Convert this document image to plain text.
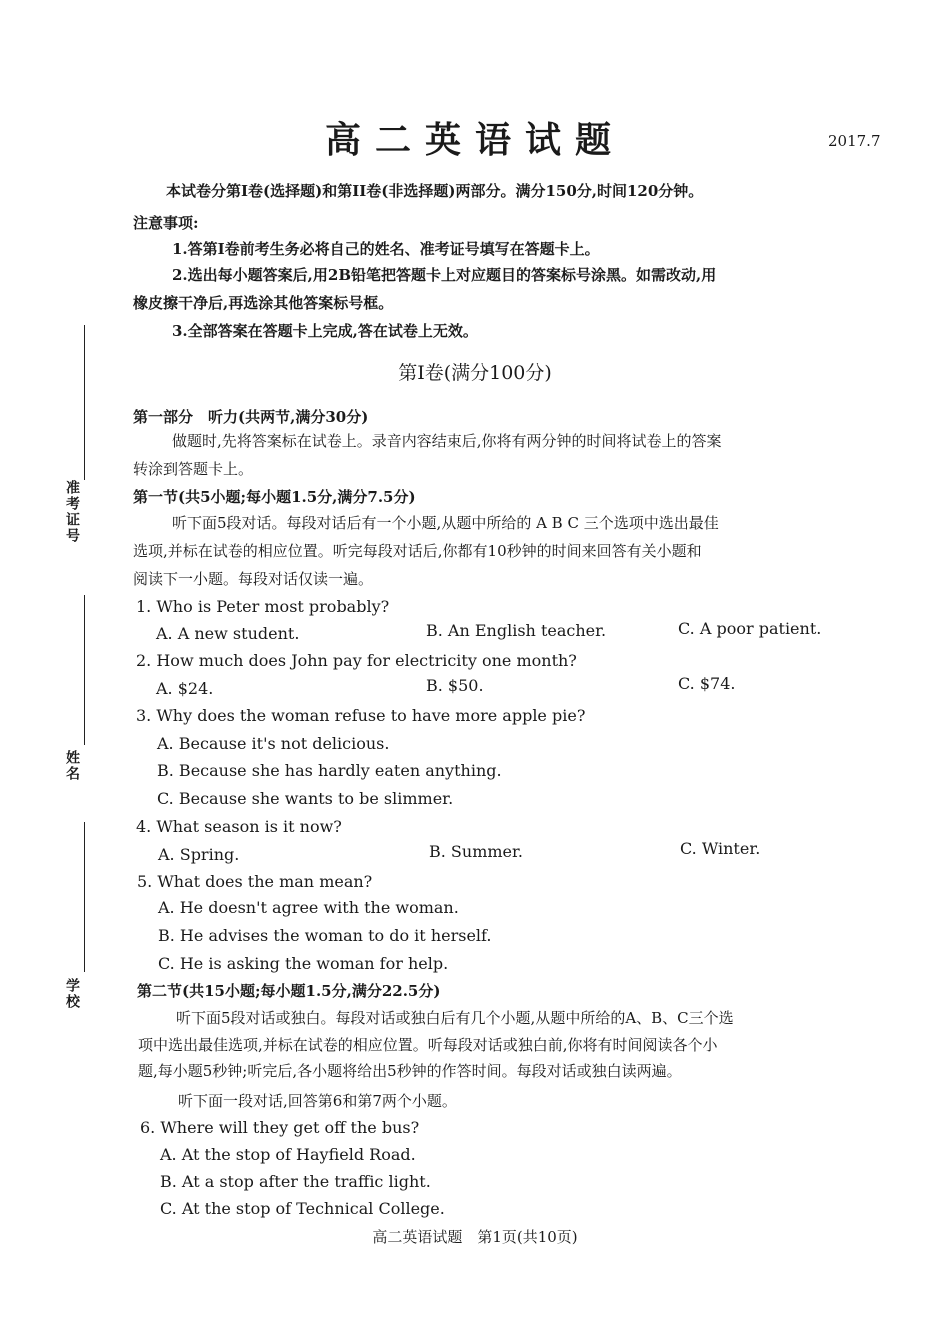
准考证号
姓名
学校
高二英语试题	2017.7
本试卷分第Ⅰ卷(选择题)和第II卷(非选择题)两部分。满分150分,时间120分钟。
注意事项:
1.答第Ⅰ卷前考生务必将自己的姓名、准考证号填写在答题卡上。
2.选出每小题答案后,用2B铅笔把答题卡上对应题目的答案标号涂黑。如需改动,用
橡皮擦干净后,再选涂其他答案标号框。
3.全部答案在答题卡上完成,答在试卷上无效。
第Ⅰ卷(满分100分)
第一部分　听力(共两节,满分30分)
做题时,先将答案标在试卷上。录音内容结束后,你将有两分钟的时间将试卷上的答案
转涂到答题卡上。
第一节(共5小题;每小题1.5分,满分7.5分)
听下面5段对话。每段对话后有一个小题,从题中所给的 A B C 三个选项中选出最佳
选项,并标在试卷的相应位置。听完每段对话后,你都有10秒钟的时间来回答有关小题和
阅读下一小题。每段对话仅读一遍。
1. Who is Peter most probably?
A. A new student.	B. An English teacher.	C. A poor patient.
2. How much does John pay for electricity one month?
A. $24.	B. $50.	C. $74.
3. Why does the woman refuse to have more apple pie?
A. Because it's not delicious.
B. Because she has hardly eaten anything.
C. Because she wants to be slimmer.
4. What season is it now?
A. Spring.	B. Summer.	C. Winter.
5. What does the man mean?
A. He doesn't agree with the woman.
B. He advises the woman to do it herself.
C. He is asking the woman for help.
第二节(共15小题;每小题1.5分,满分22.5分)
听下面5段对话或独白。每段对话或独白后有几个小题,从题中所给的A、B、C三个选
项中选出最佳选项,并标在试卷的相应位置。听每段对话或独白前,你将有时间阅读各个小
题,每小题5秒钟;听完后,各小题将给出5秒钟的作答时间。每段对话或独白读两遍。
听下面一段对话,回答第6和第7两个小题。
6. Where will they get off the bus?
A. At the stop of Hayfield Road.
B. At a stop after the traffic light.
C. At the stop of Technical College.
高二英语试题　第1页(共10页)
